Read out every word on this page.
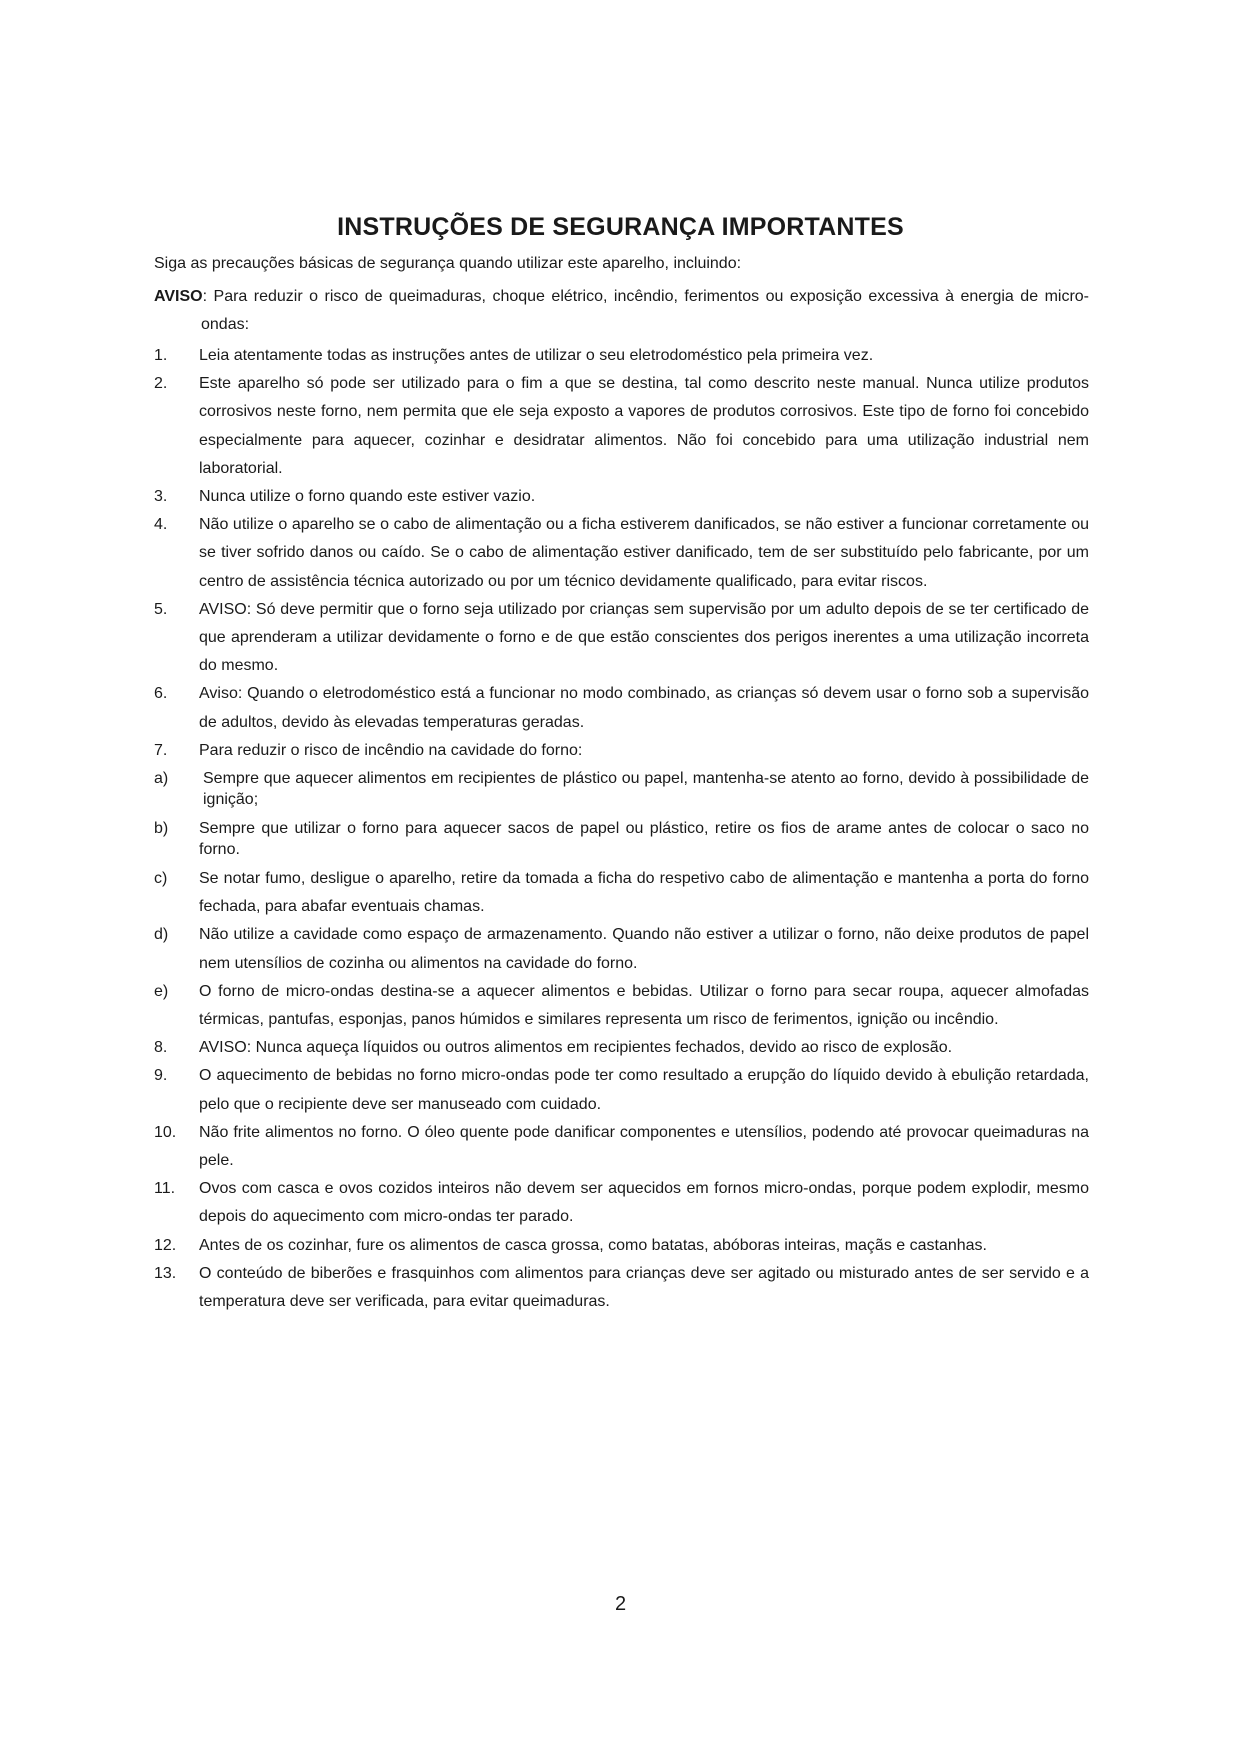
INSTRUÇÕES DE SEGURANÇA IMPORTANTES

Siga as precauções básicas de segurança quando utilizar este aparelho, incluindo:

AVISO: Para reduzir o risco de queimaduras, choque elétrico, incêndio, ferimentos ou exposição excessiva à energia de micro-ondas:

1. Leia atentamente todas as instruções antes de utilizar o seu eletrodoméstico pela primeira vez.
2. Este aparelho só pode ser utilizado para o fim a que se destina, tal como descrito neste manual. Nunca utilize produtos corrosivos neste forno, nem permita que ele seja exposto a vapores de produtos corrosivos. Este tipo de forno foi concebido especialmente para aquecer, cozinhar e desidratar alimentos. Não foi concebido para uma utilização industrial nem laboratorial.
3. Nunca utilize o forno quando este estiver vazio.
4. Não utilize o aparelho se o cabo de alimentação ou a ficha estiverem danificados, se não estiver a funcionar corretamente ou se tiver sofrido danos ou caído. Se o cabo de alimentação estiver danificado, tem de ser substituído pelo fabricante, por um centro de assistência técnica autorizado ou por um técnico devidamente qualificado, para evitar riscos.
5. AVISO: Só deve permitir que o forno seja utilizado por crianças sem supervisão por um adulto depois de se ter certificado de que aprenderam a utilizar devidamente o forno e de que estão conscientes dos perigos inerentes a uma utilização incorreta do mesmo.
6. Aviso: Quando o eletrodoméstico está a funcionar no modo combinado, as crianças só devem usar o forno sob a supervisão de adultos, devido às elevadas temperaturas geradas.
7. Para reduzir o risco de incêndio na cavidade do forno:
a) Sempre que aquecer alimentos em recipientes de plástico ou papel, mantenha-se atento ao forno, devido à possibilidade de ignição;
b) Sempre que utilizar o forno para aquecer sacos de papel ou plástico, retire os fios de arame antes de colocar o saco no forno.
c) Se notar fumo, desligue o aparelho, retire da tomada a ficha do respetivo cabo de alimentação e mantenha a porta do forno fechada, para abafar eventuais chamas.
d) Não utilize a cavidade como espaço de armazenamento. Quando não estiver a utilizar o forno, não deixe produtos de papel nem utensílios de cozinha ou alimentos na cavidade do forno.
e) O forno de micro-ondas destina-se a aquecer alimentos e bebidas. Utilizar o forno para secar roupa, aquecer almofadas térmicas, pantufas, esponjas, panos húmidos e similares representa um risco de ferimentos, ignição ou incêndio.
8. AVISO: Nunca aqueça líquidos ou outros alimentos em recipientes fechados, devido ao risco de explosão.
9. O aquecimento de bebidas no forno micro-ondas pode ter como resultado a erupção do líquido devido à ebulição retardada, pelo que o recipiente deve ser manuseado com cuidado.
10. Não frite alimentos no forno. O óleo quente pode danificar componentes e utensílios, podendo até provocar queimaduras na pele.
11. Ovos com casca e ovos cozidos inteiros não devem ser aquecidos em fornos micro-ondas, porque podem explodir, mesmo depois do aquecimento com micro-ondas ter parado.
12. Antes de os cozinhar, fure os alimentos de casca grossa, como batatas, abóboras inteiras, maçãs e castanhas.
13. O conteúdo de biberões e frasquinhos com alimentos para crianças deve ser agitado ou misturado antes de ser servido e a temperatura deve ser verificada, para evitar queimaduras.
2
